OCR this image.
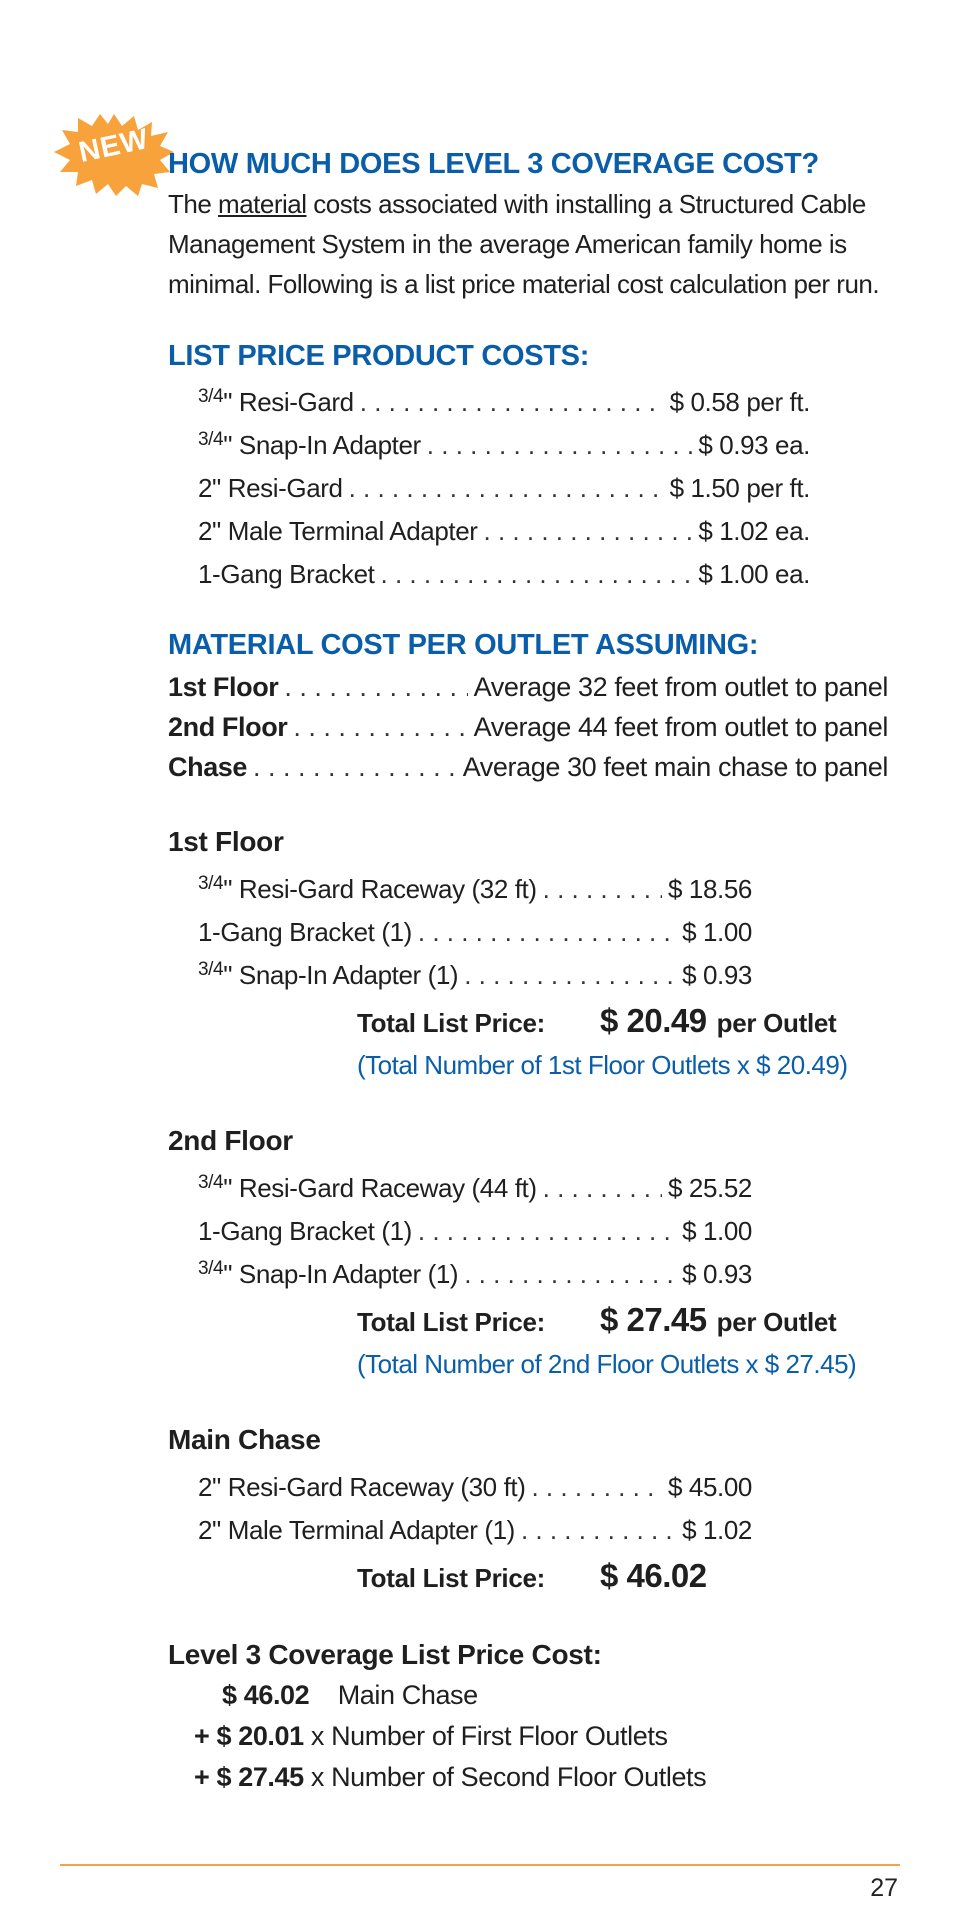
NEW HOW MUCH DOES LEVEL 3 COVERAGE COST?
The material costs associated with installing a Structured Cable Management System in the average American family home is minimal. Following is a list price material cost calculation per run.
LIST PRICE PRODUCT COSTS:
$^{3/4}$" Resi-Gard . . .	$ 0.58 per ft.
$^{3/4}$" Snap-In Adapter . . .	$ 0.93 ea.
2" Resi-Gard . . .	$ 1.50 per ft.
2" Male Terminal Adapter . . .	$ 1.02 ea.
1-Gang Bracket . . .	$ 1.00 ea.
MATERIAL COST PER OUTLET ASSUMING:
1st Floor . . .	Average 32 feet from outlet to panel
2nd Floor . . .	Average 44 feet from outlet to panel
Chase . . .	Average 30 feet main chase to panel
1st Floor
$^{3/4}$" Resi-Gard Raceway (32 ft) . . .	$ 18.56
1-Gang Bracket (1) . . .	$ 1.00
$^{3/4}$" Snap-In Adapter (1) . . .	$ 0.93
Total List Price:	$ 20.49 per Outlet
(Total Number of 1st Floor Outlets x $ 20.49)
2nd Floor
$^{3/4}$" Resi-Gard Raceway (44 ft) . . .	$ 25.52
1-Gang Bracket (1) . . .	$ 1.00
$^{3/4}$" Snap-In Adapter (1) . . .	$ 0.93
Total List Price:	$ 27.45 per Outlet
(Total Number of 2nd Floor Outlets x $ 27.45)
Main Chase
2" Resi-Gard Raceway (30 ft) . . .	$ 45.00
2" Male Terminal Adapter (1) . . .	$ 1.02
Total List Price:	$ 46.02
Level 3 Coverage List Price Cost:
$ 46.02 Main Chase
+ $ 20.01 x Number of First Floor Outlets
+ $ 27.45 x Number of Second Floor Outlets
27
